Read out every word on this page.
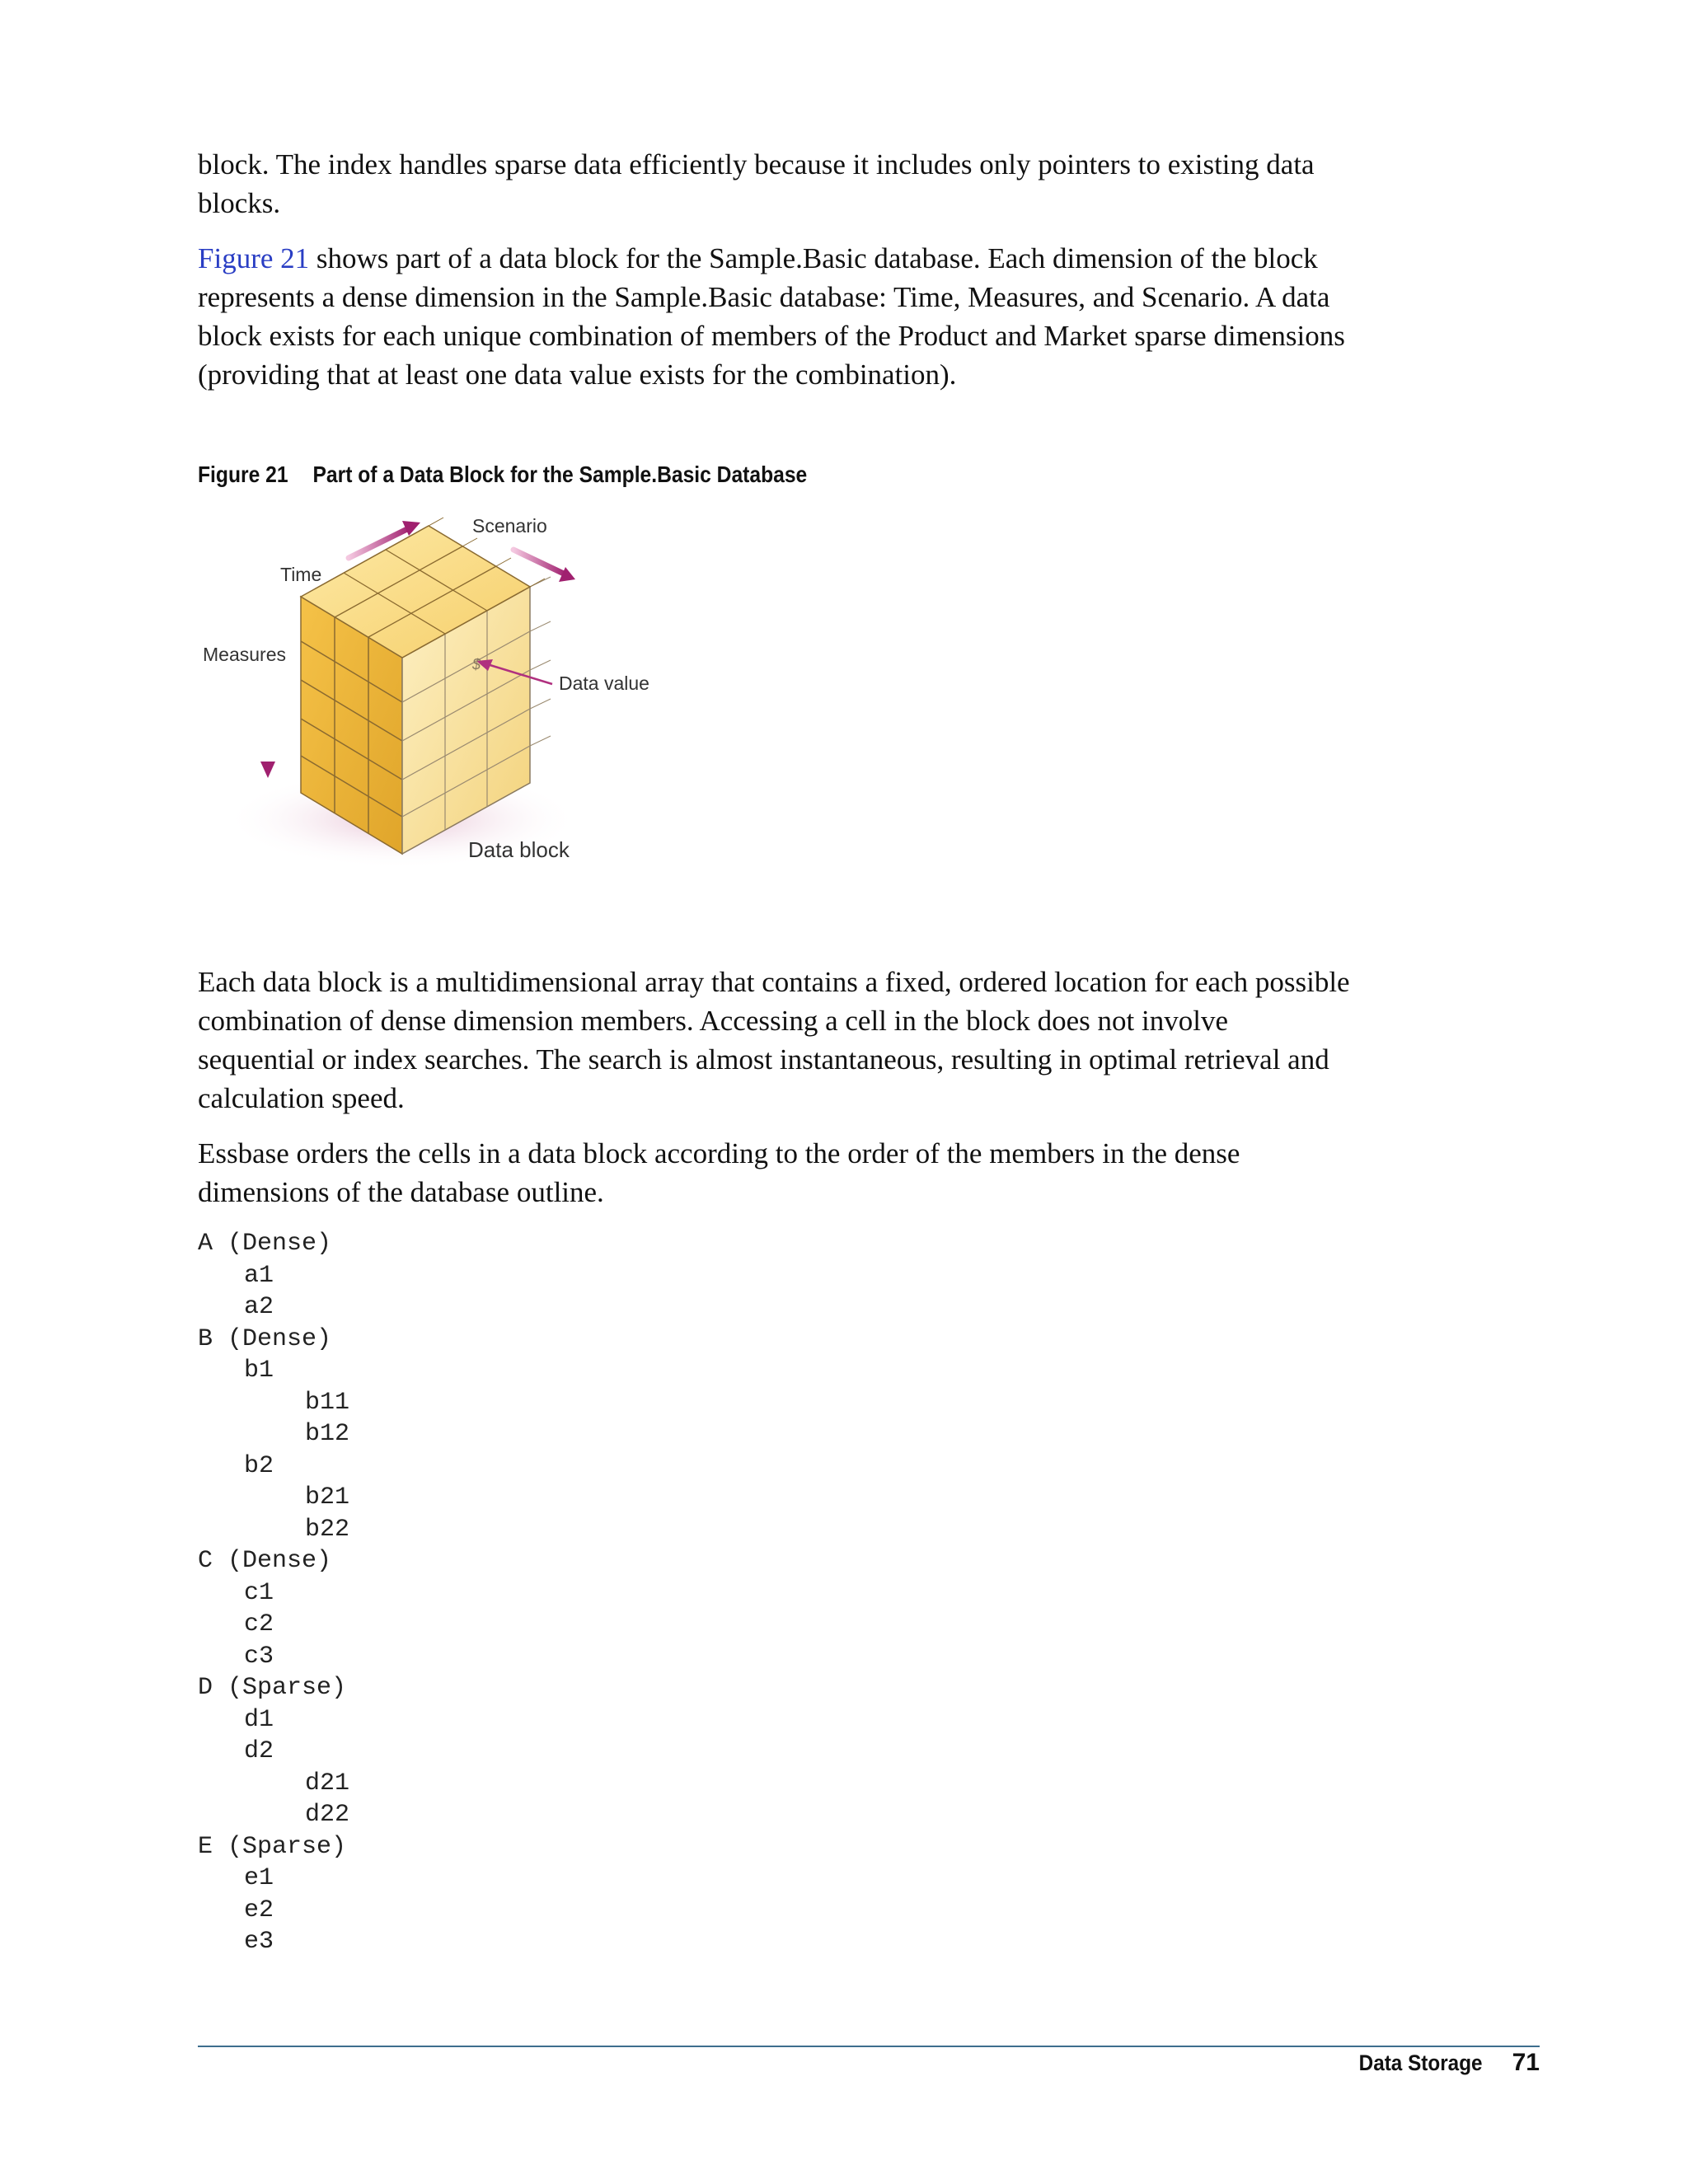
block. The index handles sparse data efficiently because it includes only pointers to existing data blocks.

Figure 21 shows part of a data block for the Sample.Basic database. Each dimension of the block represents a dense dimension in the Sample.Basic database: Time, Measures, and Scenario. A data block exists for each unique combination of members of the Product and Market sparse dimensions (providing that at least one data value exists for the combination).

Figure 21 Part of a Data Block for the Sample.Basic Database
$
Scenario
Time
Measures
Data value
Data block

Each data block is a multidimensional array that contains a fixed, ordered location for each possible combination of dense dimension members. Accessing a cell in the block does not involve sequential or index searches. The search is almost instantaneous, resulting in optimal retrieval and calculation speed.

Essbase orders the cells in a data block according to the order of the members in the dense dimensions of the database outline.

A (Dense)
a1
a2
B (Dense)
b1
b11
b12
b2
b21
b22
C (Dense)
c1
c2
c3
D (Sparse)
d1
d2
d21
d22
E (Sparse)
e1
e2
e3
Data Storage 71
